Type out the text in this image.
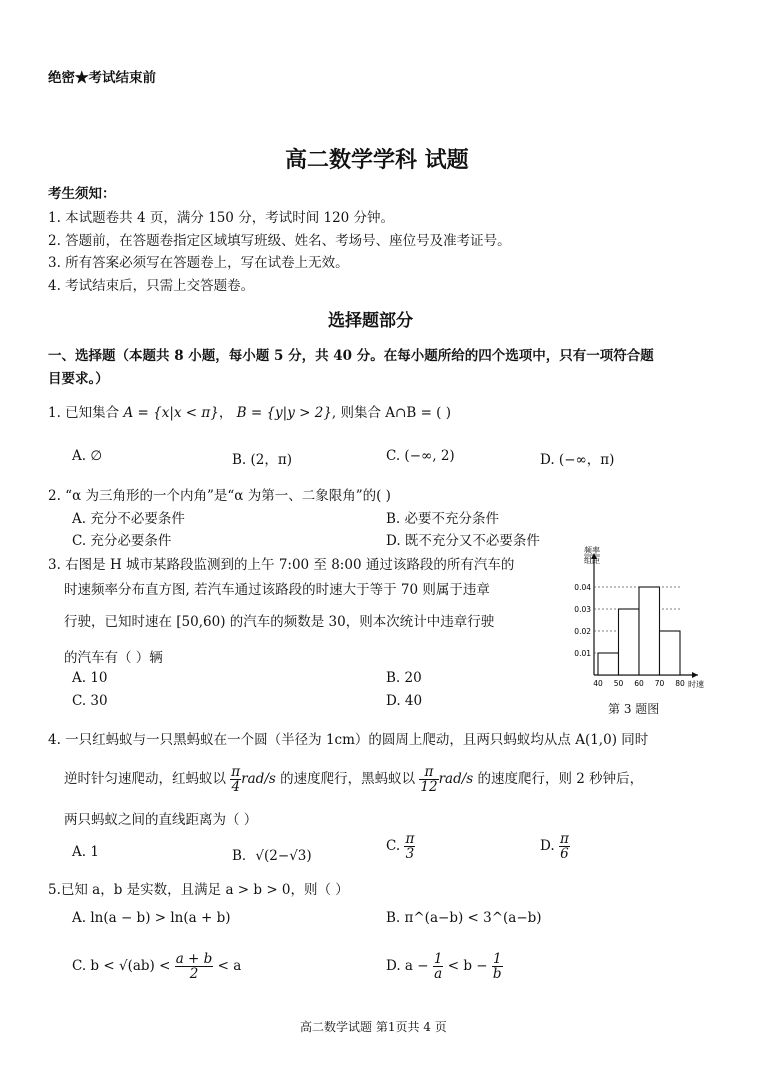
绝密★考试结束前
高二数学学科 试题
考生须知：
1. 本试题卷共 4 页，满分 150 分，考试时间 120 分钟。
2. 答题前，在答题卷指定区域填写班级、姓名、考场号、座位号及准考证号。
3. 所有答案必须写在答题卷上，写在试卷上无效。
4. 考试结束后，只需上交答题卷。
选择题部分
一、选择题（本题共 8 小题，每小题 5 分，共 40 分。在每小题所给的四个选项中，只有一项符合题
目要求。）
1. 已知集合 A = {x|x < π}， B = {y|y > 2}, 则集合 A∩B = ( )
A. ∅	B. (2，π)	C. (−∞, 2)	D. (−∞，π)
2. “α 为三角形的一个内角”是“α 为第一、二象限角”的( )
A. 充分不必要条件	B. 必要不充分条件
C. 充分必要条件	D. 既不充分又不必要条件
3. 右图是 H 城市某路段监测到的上午 7:00 至 8:00 通过该路段的所有汽车的
时速频率分布直方图, 若汽车通过该路段的时速大于等于 70 则属于违章
行驶，已知时速在 [50,60) 的汽车的频数是 30，则本次统计中违章行驶
的汽车有（ ）辆
A. 10	B. 20
C. 30	D. 40
频率
组距
时速
0.01
0.02
0.03
0.04
40 50 60 70 80
第 3 题图
4. 一只红蚂蚁与一只黑蚂蚁在一个圆（半径为 1cm）的圆周上爬动，且两只蚂蚁均从点 A(1,0) 同时
逆时针匀速爬动，红蚂蚁以 $\frac{\pi}{4} rad/s$ 的速度爬行，黑蚂蚁以 $\frac{\pi}{12} rad/s$ 的速度爬行，则 2 秒钟后，
两只蚂蚁之间的直线距离为（ ）
A. 1	B．√(2−√3)
C. $\frac{\pi}{3}$	D. $\frac{\pi}{6}$
5.已知 a，b 是实数，且满足 a > b > 0，则（ ）
A. ln(a − b) > ln(a + b)	B. π^(a−b) < 3^(a−b)
C. $b < √(ab) < \frac{a + b}{2} < a$	D. $a - \frac{1}{a} < b - \frac{1}{b}$
高二数学试题 第1页共 4 页
